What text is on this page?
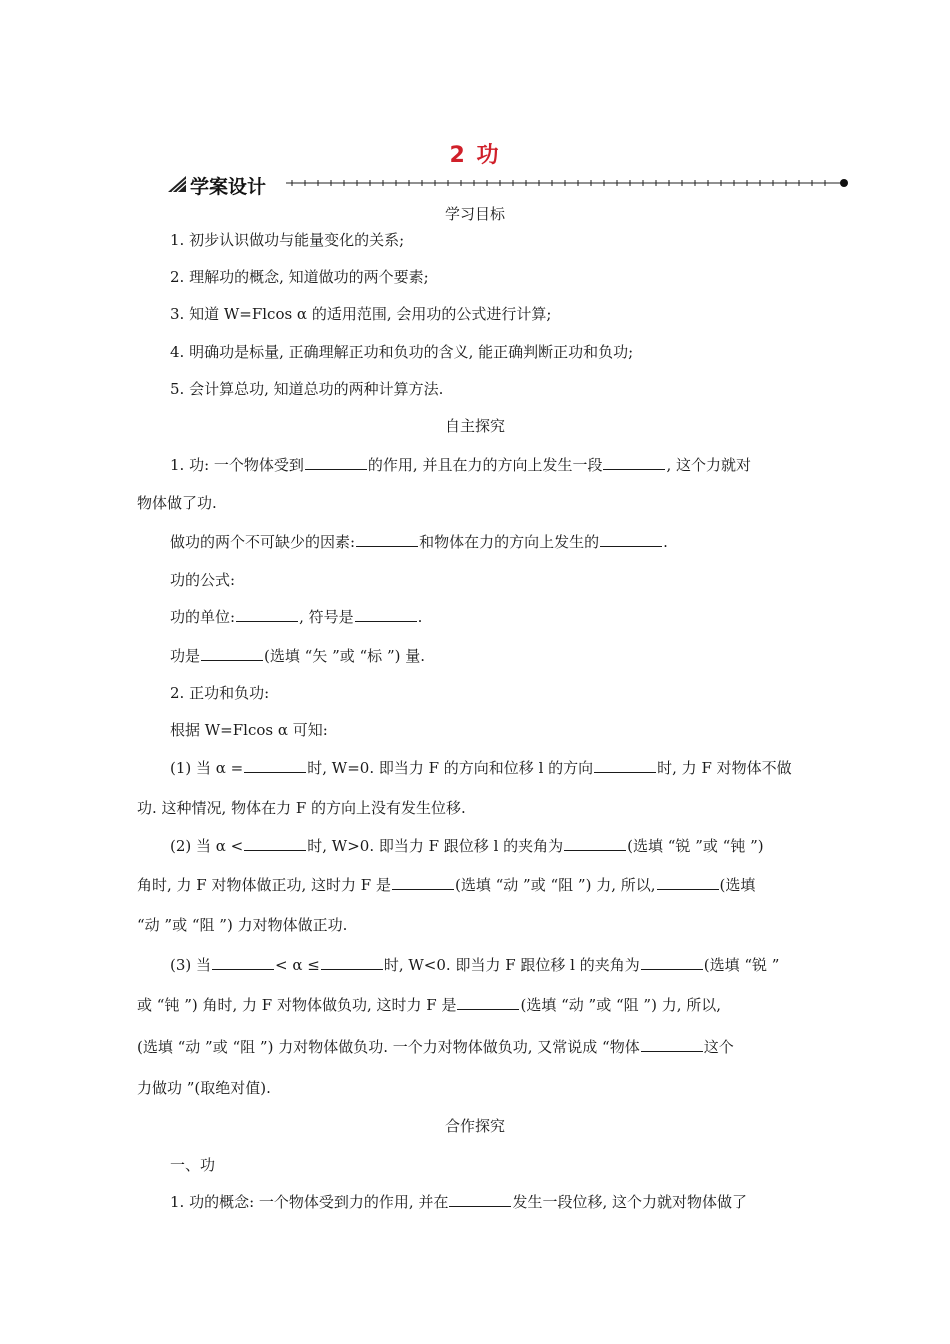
2 功
学案设计
学习目标
1. 初步认识做功与能量变化的关系;
2. 理解功的概念, 知道做功的两个要素;
3. 知道 W=Flcos α 的适用范围, 会用功的公式进行计算;
4. 明确功是标量, 正确理解正功和负功的含义, 能正确判断正功和负功;
5. 会计算总功, 知道总功的两种计算方法.
自主探究
1. 功: 一个物体受到	的作用, 并且在力的方向上发生一段	, 这个力就对
物体做了功.
做功的两个不可缺少的因素:	和物体在力的方向上发生的	.
功的公式:
功的单位:	, 符号是	.
功是	(选填 “矢 ”或 “标 ”) 量.
2. 正功和负功:
根据 W=Flcos α 可知:
(1) 当 α =	时, W=0. 即当力 F 的方向和位移 l 的方向	时, 力 F 对物体不做
功. 这种情况, 物体在力 F 的方向上没有发生位移.
(2) 当 α <	时, W>0. 即当力 F 跟位移 l 的夹角为	(选填 “锐 ”或 “钝 ”)
角时, 力 F 对物体做正功, 这时力 F 是	(选填 “动 ”或 “阻 ”) 力, 所以,	(选填
“动 ”或 “阻 ”) 力对物体做正功.
(3) 当	< α ≤	时, W<0. 即当力 F 跟位移 l 的夹角为	(选填 “锐 ”
或 “钝 ”) 角时, 力 F 对物体做负功, 这时力 F 是	(选填 “动 ”或 “阻 ”) 力, 所以,
(选填 “动 ”或 “阻 ”) 力对物体做负功. 一个力对物体做负功, 又常说成 “物体	这个
力做功 ”(取绝对值).
合作探究
一、功
1. 功的概念: 一个物体受到力的作用, 并在	发生一段位移, 这个力就对物体做了
